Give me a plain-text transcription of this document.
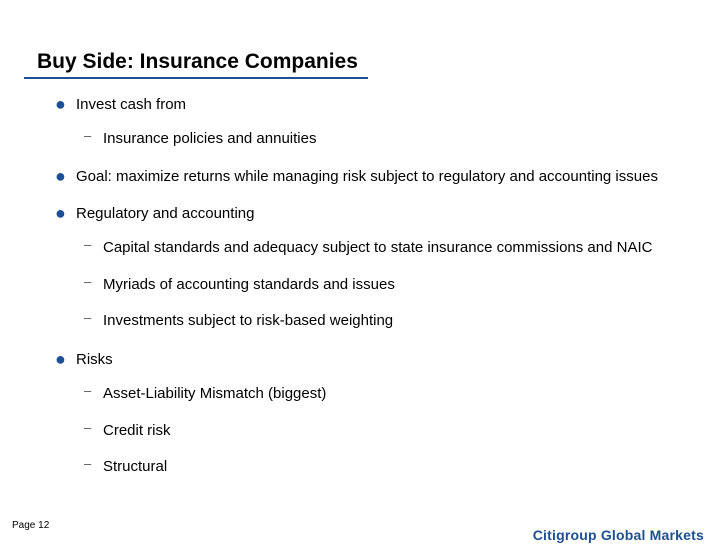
Buy Side: Insurance Companies
● Invest cash from
– Insurance policies and annuities
● Goal: maximize returns while managing risk subject to regulatory and accounting issues
● Regulatory and accounting
– Capital standards and adequacy subject to state insurance commissions and NAIC
– Myriads of accounting standards and issues
– Investments subject to risk-based weighting
● Risks
– Asset-Liability Mismatch (biggest)
– Credit risk
– Structural
Page 12
Citigroup Global Markets
